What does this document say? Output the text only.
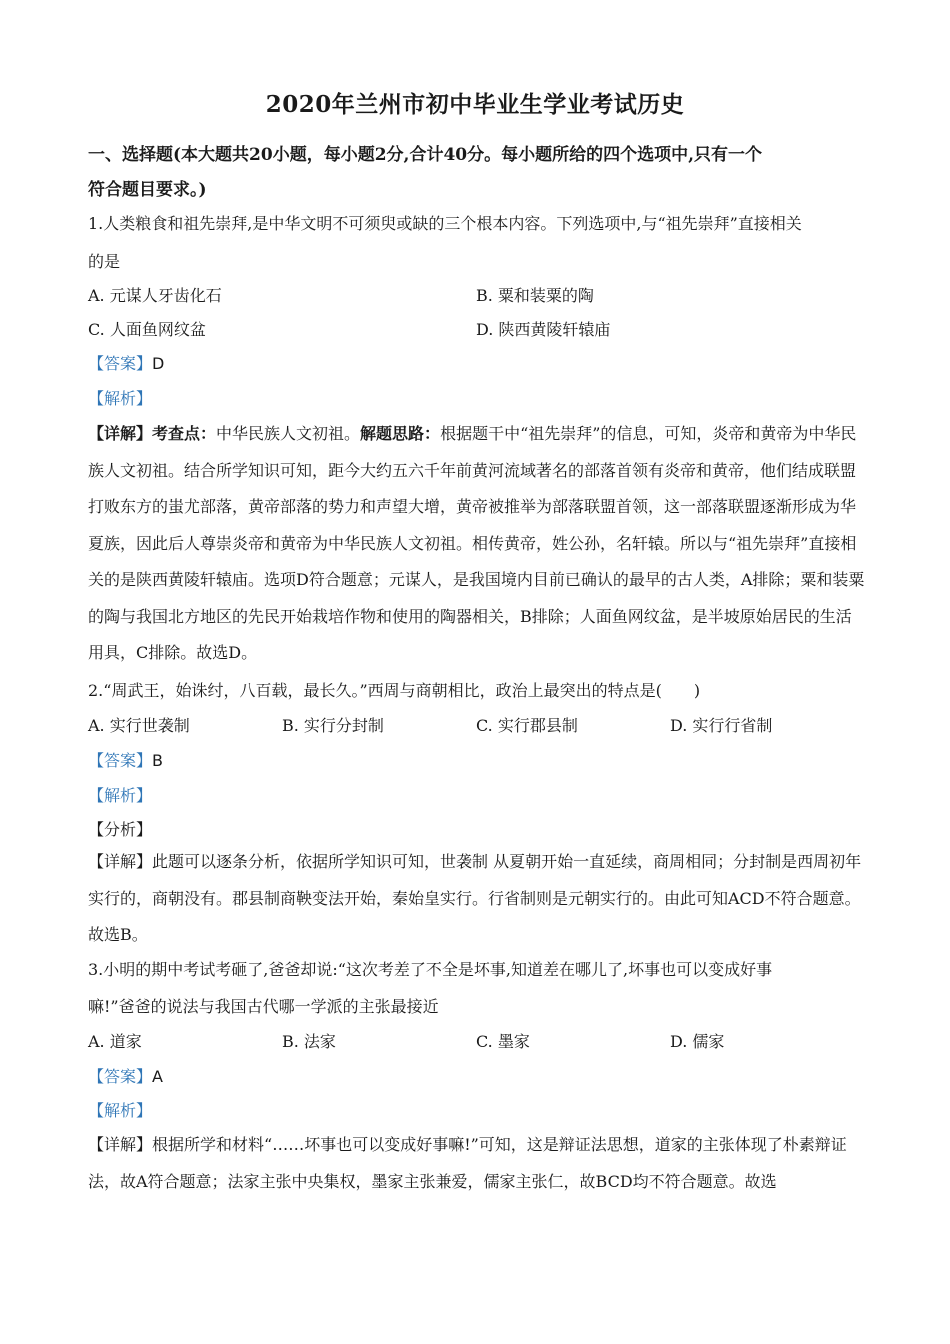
2020年兰州市初中毕业生学业考试历史
一、选择题(本大题共20小题，每小题2分,合计40分。每小题所给的四个选项中,只有一个
符合题目要求。)
1.人类粮食和祖先崇拜,是中华文明不可须臾或缺的三个根本内容。下列选项中,与“祖先崇拜”直接相关
的是
A. 元谋人牙齿化石	B. 粟和装粟的陶
C. 人面鱼网纹盆	D. 陕西黄陵轩辕庙
【答案】D
【解析】
【详解】考查点：中华民族人文初祖。解题思路：根据题干中“祖先崇拜”的信息，可知，炎帝和黄帝为中华民族人文初祖。结合所学知识可知，距今大约五六千年前黄河流域著名的部落首领有炎帝和黄帝，他们结成联盟打败东方的蚩尤部落，黄帝部落的势力和声望大增，黄帝被推举为部落联盟首领，这一部落联盟逐渐形成为华夏族，因此后人尊崇炎帝和黄帝为中华民族人文初祖。相传黄帝，姓公孙，名轩辕。所以与“祖先崇拜”直接相关的是陕西黄陵轩辕庙。选项D符合题意；元谋人，是我国境内目前已确认的最早的古人类，A排除；粟和装粟的陶与我国北方地区的先民开始栽培作物和使用的陶器相关，B排除；人面鱼网纹盆，是半坡原始居民的生活用具，C排除。故选D。
2.“周武王，始诛纣，八百载，最长久。”西周与商朝相比，政治上最突出的特点是(　　)
A. 实行世袭制	B. 实行分封制	C. 实行郡县制	D. 实行行省制
【答案】B
【解析】
【分析】
【详解】此题可以逐条分析，依据所学知识可知，世袭制 从夏朝开始一直延续，商周相同；分封制是西周初年实行的，商朝没有。郡县制商鞅变法开始，秦始皇实行。行省制则是元朝实行的。由此可知ACD不符合题意。故选B。
3.小明的期中考试考砸了,爸爸却说:“这次考差了不全是坏事,知道差在哪儿了,坏事也可以变成好事
嘛!”爸爸的说法与我国古代哪一学派的主张最接近
A. 道家	B. 法家	C. 墨家	D. 儒家
【答案】A
【解析】
【详解】根据所学和材料“……坏事也可以变成好事嘛!”可知，这是辩证法思想，道家的主张体现了朴素辩证法，故A符合题意；法家主张中央集权，墨家主张兼爱，儒家主张仁，故BCD均不符合题意。故选
